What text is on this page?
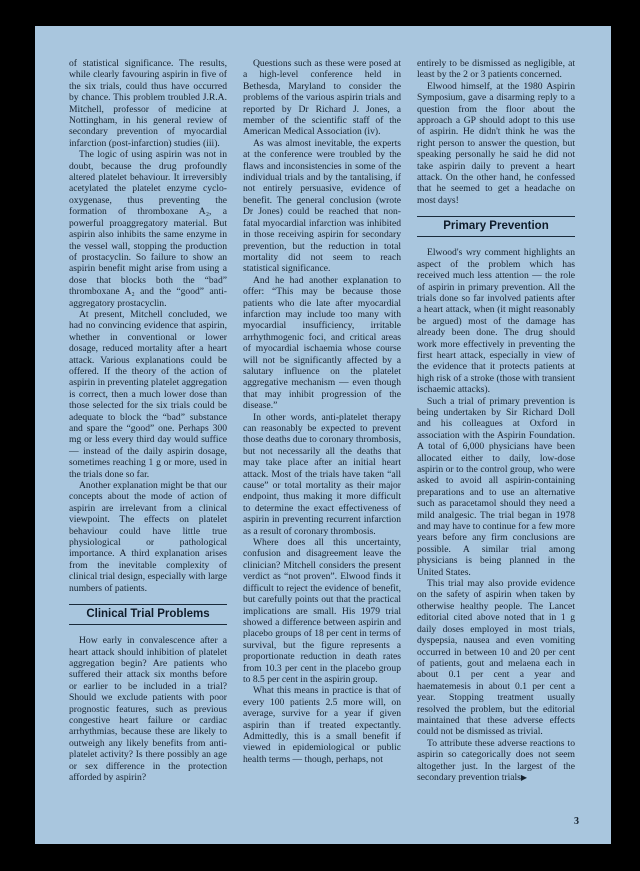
of statistical significance. The results, while clearly favouring aspirin in five of the six trials, could thus have occurred by chance. This problem troubled J.R.A. Mitchell, professor of medicine at Nottingham, in his general review of secondary prevention of myocardial infarction (post-infarction) studies (iii).

The logic of using aspirin was not in doubt, because the drug profoundly altered platelet behaviour. It irreversibly acetylated the platelet enzyme cyclo-oxygenase, thus preventing the formation of thromboxane A₂, a powerful proaggregatory material. But aspirin also inhibits the same enzyme in the vessel wall, stopping the production of prostacyclin. So failure to show an aspirin benefit might arise from using a dose that blocks both the “bad” thromboxane A₂ and the “good” anti-aggregatory prostacyclin.

At present, Mitchell concluded, we had no convincing evidence that aspirin, whether in conventional or lower dosage, reduced mortality after a heart attack. Various explanations could be offered. If the theory of the action of aspirin in preventing platelet aggregation is correct, then a much lower dose than those selected for the six trials could be adequate to block the “bad” substance and spare the “good” one. Perhaps 300 mg or less every third day would suffice — instead of the daily aspirin dosage, sometimes reaching 1 g or more, used in the trials done so far.

Another explanation might be that our concepts about the mode of action of aspirin are irrelevant from a clinical viewpoint. The effects on platelet behaviour could have little true physiological or pathological importance. A third explanation arises from the inevitable complexity of clinical trial design, especially with large numbers of patients.

Clinical Trial Problems

How early in convalescence after a heart attack should inhibition of platelet aggregation begin? Are patients who suffered their attack six months before or earlier to be included in a trial? Should we exclude patients with poor prognostic features, such as previous congestive heart failure or cardiac arrhythmias, because these are likely to outweigh any likely benefits from anti-platelet activity? Is there possibly an age or sex difference in the protection afforded by aspirin?

Questions such as these were posed at a high-level conference held in Bethesda, Maryland to consider the problems of the various aspirin trials and reported by Dr Richard J. Jones, a member of the scientific staff of the American Medical Association (iv).

As was almost inevitable, the experts at the conference were troubled by the flaws and inconsistencies in some of the individual trials and by the tantalising, if not entirely persuasive, evidence of benefit. The general conclusion (wrote Dr Jones) could be reached that non-fatal myocardial infarction was inhibited in those receiving aspirin for secondary prevention, but the reduction in total mortality did not seem to reach statistical significance.

And he had another explanation to offer: “This may be because those patients who die late after myocardial infarction may include too many with myocardial insufficiency, irritable arrhythmogenic foci, and critical areas of myocardial ischaemia whose course will not be significantly affected by a salutary influence on the platelet aggregative mechanism — even though that may inhibit progression of the disease.”

In other words, anti-platelet therapy can reasonably be expected to prevent those deaths due to coronary thrombosis, but not necessarily all the deaths that may take place after an initial heart attack. Most of the trials have taken “all cause” or total mortality as their major endpoint, thus making it more difficult to determine the exact effectiveness of aspirin in preventing recurrent infarction as a result of coronary thrombosis.

Where does all this uncertainty, confusion and disagreement leave the clinician? Mitchell considers the present verdict as “not proven”. Elwood finds it difficult to reject the evidence of benefit, but carefully points out that the practical implications are small. His 1979 trial showed a difference between aspirin and placebo groups of 18 per cent in terms of survival, but the figure represents a proportionate reduction in death rates from 10.3 per cent in the placebo group to 8.5 per cent in the aspirin group.

What this means in practice is that of every 100 patients 2.5 more will, on average, survive for a year if given aspirin than if treated expectantly. Admittedly, this is a small benefit if viewed in epidemiological or public health terms — though, perhaps, not

entirely to be dismissed as negligible, at least by the 2 or 3 patients concerned.

Elwood himself, at the 1980 Aspirin Symposium, gave a disarming reply to a question from the floor about the approach a GP should adopt to this use of aspirin. He didn't think he was the right person to answer the question, but speaking personally he said he did not take aspirin daily to prevent a heart attack. On the other hand, he confessed that he seemed to get a headache on most days!

Primary Prevention

Elwood's wry comment highlights an aspect of the problem which has received much less attention — the role of aspirin in primary prevention. All the trials done so far involved patients after a heart attack, when (it might reasonably be argued) most of the damage has already been done. The drug should work more effectively in preventing the first heart attack, especially in view of the evidence that it protects patients at high risk of a stroke (those with transient ischaemic attacks).

Such a trial of primary prevention is being undertaken by Sir Richard Doll and his colleagues at Oxford in association with the Aspirin Foundation. A total of 6,000 physicians have been allocated either to daily, low-dose aspirin or to the control group, who were asked to avoid all aspirin-containing preparations and to use an alternative such as paracetamol should they need a mild analgesic. The trial began in 1978 and may have to continue for a few more years before any firm conclusions are possible. A similar trial among physicians is being planned in the United States.

This trial may also provide evidence on the safety of aspirin when taken by otherwise healthy people. The Lancet editorial cited above noted that in 1 g daily doses employed in most trials, dyspepsia, nausea and even vomiting occurred in between 10 and 20 per cent of patients, gout and melaena each in about 0.1 per cent a year and haematemesis in about 0.1 per cent a year. Stopping treatment usually resolved the problem, but the editorial maintained that these adverse effects could not be dismissed as trivial.

To attribute these adverse reactions to aspirin so categorically does not seem altogether just. In the largest of the secondary prevention trials▶

3
